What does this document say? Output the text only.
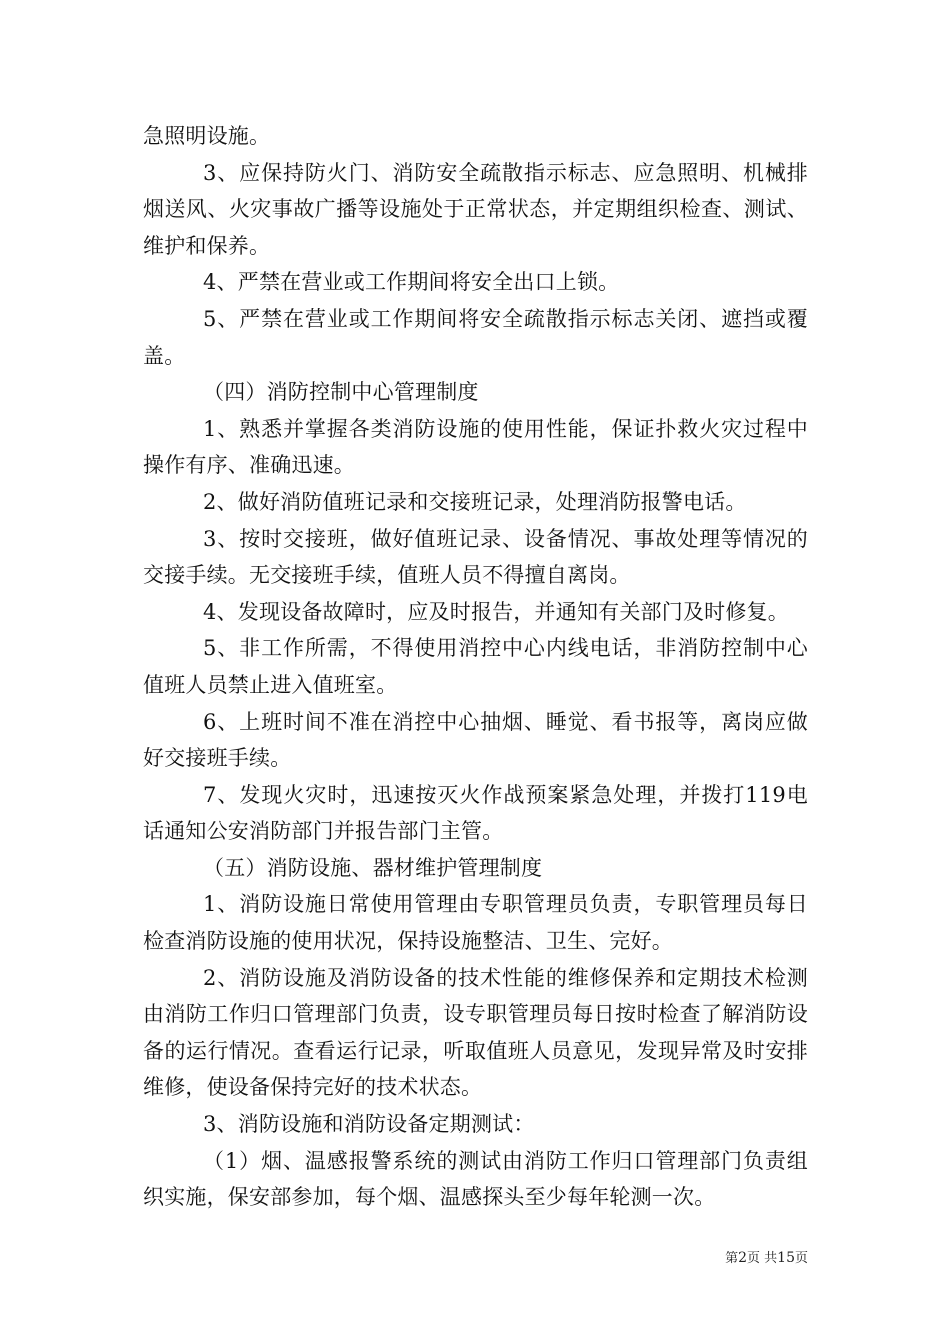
急照明设施。

3、应保持防火门、消防安全疏散指示标志、应急照明、机械排烟送风、火灾事故广播等设施处于正常状态，并定期组织检查、测试、维护和保养。

4、严禁在营业或工作期间将安全出口上锁。

5、严禁在营业或工作期间将安全疏散指示标志关闭、遮挡或覆盖。

（四）消防控制中心管理制度

1、熟悉并掌握各类消防设施的使用性能，保证扑救火灾过程中操作有序、准确迅速。

2、做好消防值班记录和交接班记录，处理消防报警电话。

3、按时交接班，做好值班记录、设备情况、事故处理等情况的交接手续。无交接班手续，值班人员不得擅自离岗。

4、发现设备故障时，应及时报告，并通知有关部门及时修复。

5、非工作所需，不得使用消控中心内线电话，非消防控制中心值班人员禁止进入值班室。

6、上班时间不准在消控中心抽烟、睡觉、看书报等，离岗应做好交接班手续。

7、发现火灾时，迅速按灭火作战预案紧急处理，并拨打119电话通知公安消防部门并报告部门主管。

（五）消防设施、器材维护管理制度

1、消防设施日常使用管理由专职管理员负责，专职管理员每日检查消防设施的使用状况，保持设施整洁、卫生、完好。

2、消防设施及消防设备的技术性能的维修保养和定期技术检测由消防工作归口管理部门负责，设专职管理员每日按时检查了解消防设备的运行情况。查看运行记录，听取值班人员意见，发现异常及时安排维修，使设备保持完好的技术状态。

3、消防设施和消防设备定期测试：

（1）烟、温感报警系统的测试由消防工作归口管理部门负责组织实施，保安部参加，每个烟、温感探头至少每年轮测一次。

第2页 共15页
